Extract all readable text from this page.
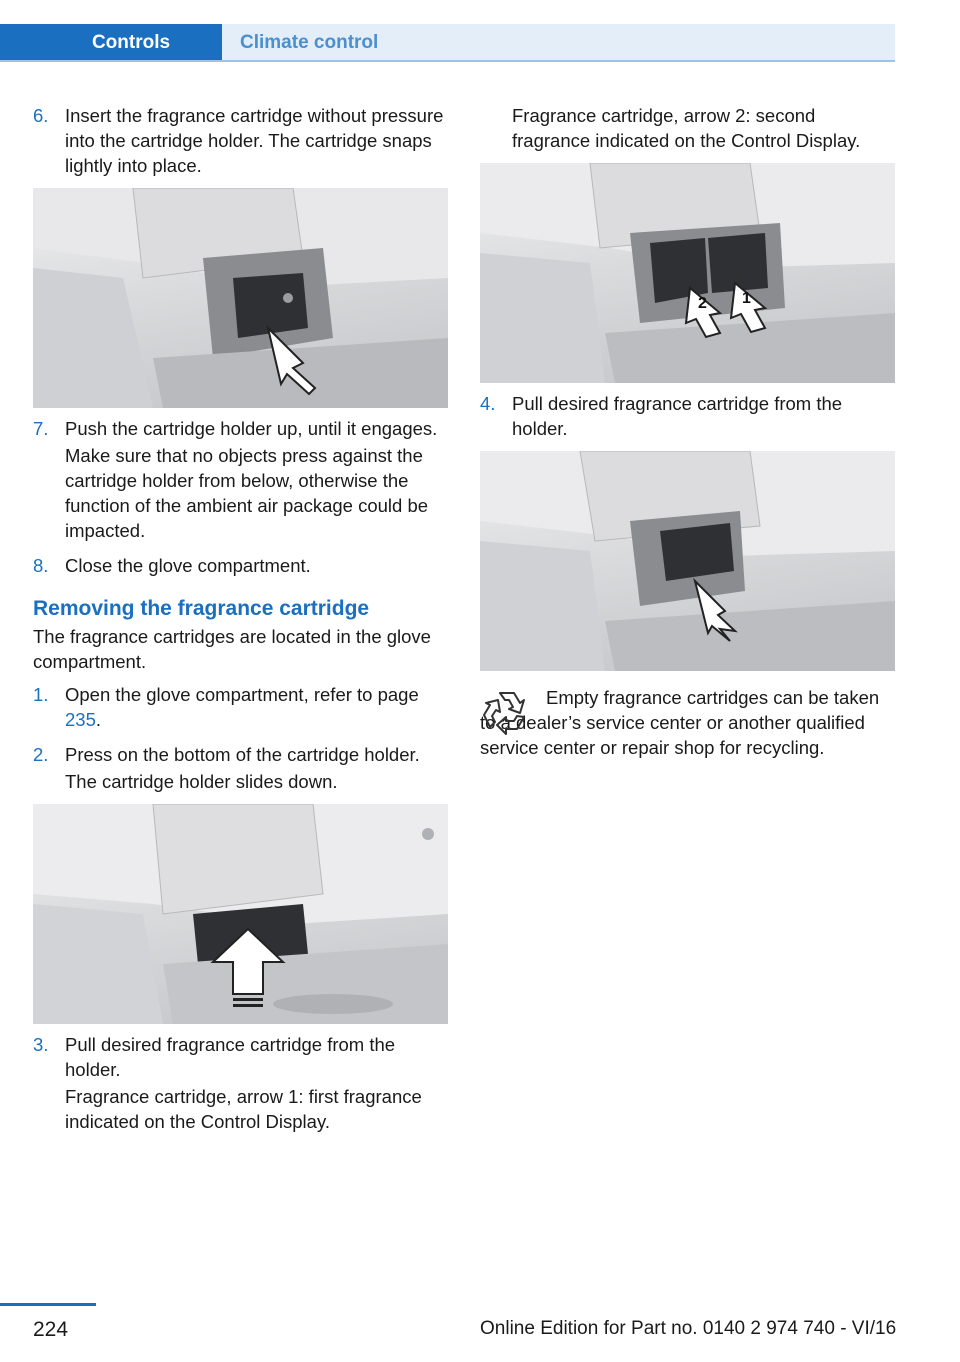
Controls	Climate control
6. Insert the fragrance cartridge without pressure into the cartridge holder. The cartridge snaps lightly into place.

7. Push the cartridge holder up, until it engages.

Make sure that no objects press against the cartridge holder from below, otherwise the function of the ambient air package could be impacted.

8. Close the glove compartment.

Removing the fragrance cartridge

The fragrance cartridges are located in the glove compartment.

1. Open the glove compartment, refer to page 235.

2. Press on the bottom of the cartridge holder.

The cartridge holder slides down.

3. Pull desired fragrance cartridge from the holder.

Fragrance cartridge, arrow 1: first fragrance indicated on the Control Display.

Fragrance cartridge, arrow 2: second fragrance indicated on the Control Display.

2 1
4. Pull desired fragrance cartridge from the holder.

Empty fragrance cartridges can be taken to a dealer’s service center or another qualified service center or repair shop for recycling.

224	Online Edition for Part no. 0140 2 974 740 - VI/16
